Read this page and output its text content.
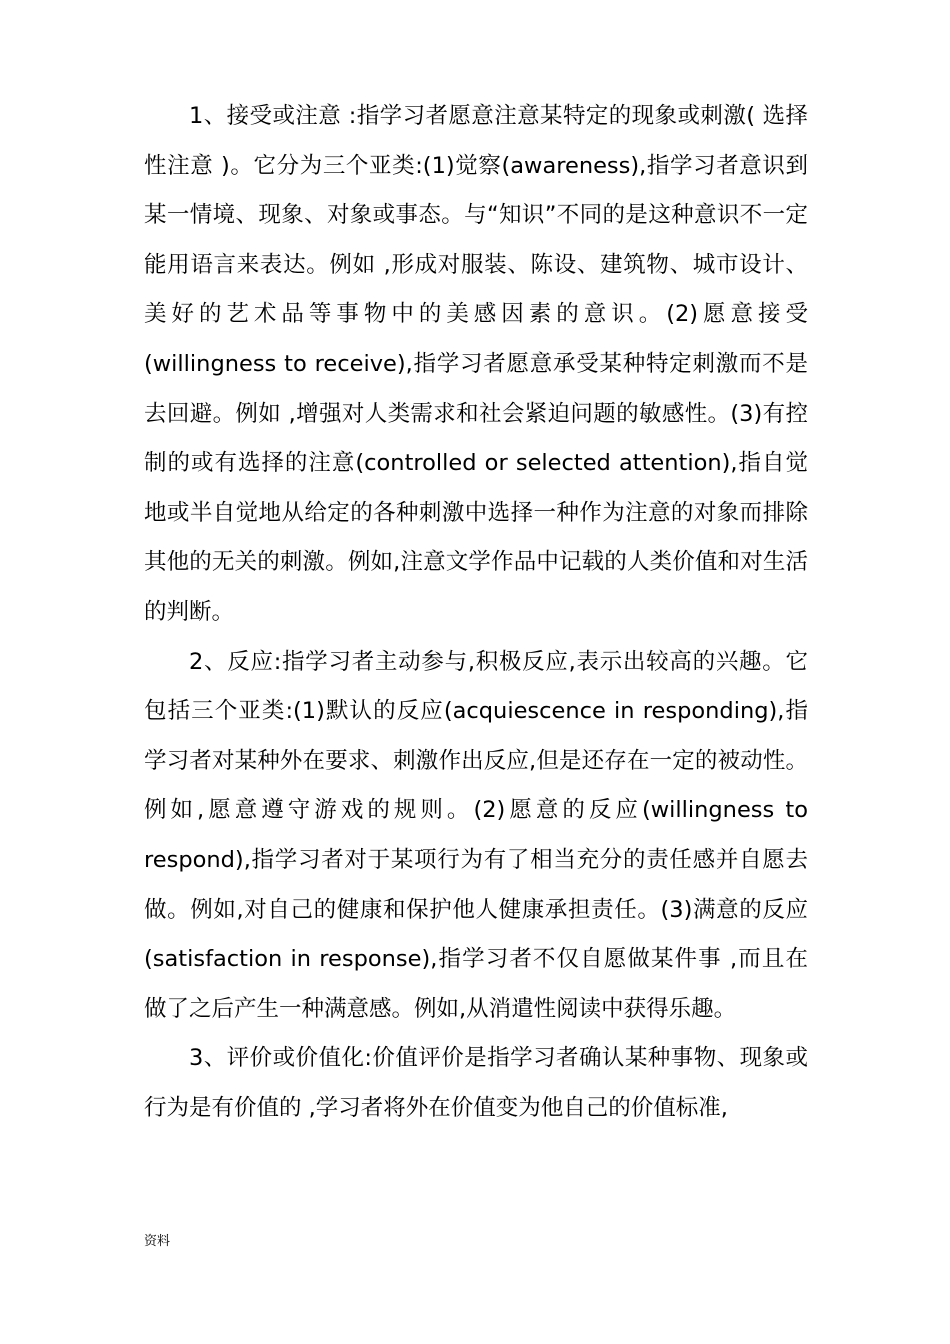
1、接受或注意 :指学习者愿意注意某特定的现象或刺激( 选择性注意 )。它分为三个亚类:(1)觉察(awareness),指学习者意识到某一情境、现象、对象或事态。与“知识”不同的是这种意识不一定能用语言来表达。例如 ,形成对服装、陈设、建筑物、城市设计、美好的艺术品等事物中的美感因素的意识。(2)愿意接受(willingness to receive),指学习者愿意承受某种特定刺激而不是去回避。例如 ,增强对人类需求和社会紧迫问题的敏感性。(3)有控制的或有选择的注意(controlled or selected attention),指自觉地或半自觉地从给定的各种刺激中选择一种作为注意的对象而排除其他的无关的刺激。例如,注意文学作品中记载的人类价值和对生活的判断。

2、反应:指学习者主动参与,积极反应,表示出较高的兴趣。它包括三个亚类:(1)默认的反应(acquiescence in responding),指学习者对某种外在要求、刺激作出反应,但是还存在一定的被动性。例如,愿意遵守游戏的规则。(2)愿意的反应(willingness to respond),指学习者对于某项行为有了相当充分的责任感并自愿去做。例如,对自己的健康和保护他人健康承担责任。(3)满意的反应(satisfaction in response),指学习者不仅自愿做某件事 ,而且在做了之后产生一种满意感。例如,从消遣性阅读中获得乐趣。

3、评价或价值化:价值评价是指学习者确认某种事物、现象或行为是有价值的 ,学习者将外在价值变为他自己的价值标准,

资料
